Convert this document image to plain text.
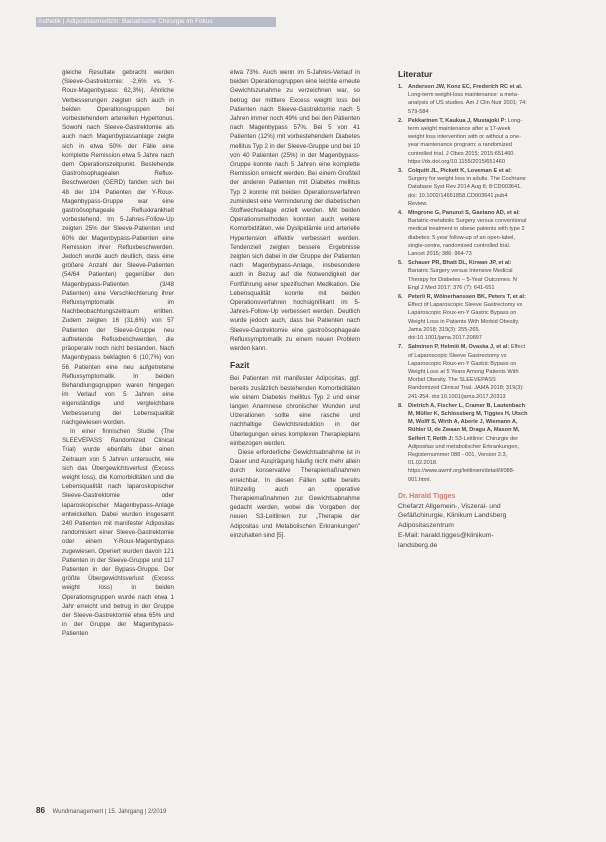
Ästhetik | Adipositasmedizin: Bariatrische Chirurgie im Fokus

gleiche Resultate gebracht werden (Sleeve-Gastrektomie: -2,6% vs. Y-Roux-Magenbypass: 62,3%). Ähnliche Verbesserungen zeigten sich auch in beiden Operationsgruppen bei vorbestehendem arteriellen Hypertonus. Sowohl nach Sleeve-Gastrektomie als auch nach Magenbypassanlage zeigte sich in etwa 50% der Fälle eine komplette Remission etwa 5 Jahre nach dem Operationszeitpunkt. Bestehende Gastroösophagealen Reflux-Beschwerden (GERD) fanden sich bei 48 der 104 Patienten der Y-Roux-Magenbypass-Gruppe war eine gastroösophageale Refluxkrankheit vorbestehend. Im 5-Jahres-Follow-Up zeigten 25% der Sleeve-Patienten und 60% der Magenbypass-Patienten eine Remission ihrer Refluxbeschwerden. Jedoch wurde auch deutlich, dass eine größere Anzahl der Sleeve-Patienten (54/64 Patienten) gegenüber den Magenbypass-Patienten (3/48 Patienten) eine Verschlechterung ihrer Refluxsymptomatik im Nachbeobachtungszeitraum erlitten. Zudem zeigten 16 (31,6%) von 57 Patienten der Sleeve-Gruppe neu auftretende Refluxbeschwerden, die präoperativ noch nicht bestanden. Nach Magenbypass beklagten 6 (10,7%) von 56 Patienten eine neu aufgetretene Refluxsymptomatik. In beiden Behandlungsgruppen waren hingegen im Verlauf von 5 Jahren eine eigenständige und vergleichbare Verbesserung der Lebensqualität nachgewiesen worden.

In einer finnischen Studie (The SLEEVEPASS Randomized Clinical Trial) wurde ebenfalls über einen Zeitraum von 5 Jahren untersucht, wie sich das Übergewichtsverlust (Excess weight loss), die Komorbiditäten und die Lebensqualität nach laparoskopischer Sleeve-Gastrektomie oder laparoskopischer Magenbypass-Anlage entwickelten. Dabei wurden insgesamt 240 Patienten mit manifester Adipositas randomisiert einer Sleeve-Gastrektomie oder einem Y-Roux-Magenbypass zugewiesen. Operiert wurden davon 121 Patienten in der Sleeve-Gruppe und 117 Patienten in der Bypass-Gruppe. Der größte Übergewichtsverlust (Excess weight loss) in beiden Operationsgruppen wurde nach etwa 1 Jahr erreicht und betrug in der Gruppe der Sleeve-Gastrektomie etwa 65% und in der Gruppe der Magenbypass-Patienten

etwa 73%. Auch wenn im 5-Jahres-Verlauf in beiden Operationsgruppen eine leichte erneute Gewichtszunahme zu verzeichnen war, so betrug der mittlere Excess weight loss bei Patienten nach Sleeve-Gastrektomie nach 5 Jahren immer noch 49% und bei den Patienten nach Magenbypass 57%. Bei 5 von 41 Patienten (12%) mit vorbestehendem Diabetes mellitus Typ 2 in der Sleeve-Gruppe und bei 10 von 40 Patienten (25%) in der Magenbypass-Gruppe konnte nach 5 Jahren eine komplette Remission erreicht werden. Bei einem Großteil der anderen Patienten mit Diabetes mellitus Typ 2 konnte mit beiden Operationsverfahren zumindest eine Verminderung der diabetischen Stoffwechsellage erzielt werden. Mit beiden Operationsmethoden konnten auch weitere Komorbiditäten, wie Dyslipidämie und arterielle Hypertension effektiv verbessert werden. Tendenziell zeigten bessere Ergebnisse zeigten sich dabei in der Gruppe der Patienten nach Magenbypass-Anlage, insbesondere auch in Bezug auf die Notwendigkeit der Fortführung einer spezifischen Medikation. Die Lebensqualität konnte mit beiden Operationsverfahren hochsignifikant im 5-Jahres-Follow-Up verbessert werden. Deutlich wurde jedoch auch, dass bei Patienten nach Sleeve-Gastrektomie eine gastroösophageale Refluxsymptomatik zu einem neuen Problem werden kann.

Fazit

Bei Patienten mit manifester Adipositas, ggf. bereits zusätzlich bestehenden Komorbiditäten wie einem Diabetes mellitus Typ 2 und einer langen Anamnese chronischer Wunden und Ulzerationen sollte eine rasche und nachhaltige Gewichtsreduktion in der Überlegungen eines komplexen Therapieplans einbezogen werden.

Diese erforderliche Gewichtsabnahme ist in Dauer und Ausprägung häufig nicht mehr allein durch konservative Therapiemaßnahmen erreichbar. In diesen Fällen sollte bereits frühzeitig auch an operative Therapiemaßnahmen zur Gewichtsabnahme gedacht werden, wobei die Vorgaben der neuen S3-Leitlinien zur „Therapie der Adipositas und Metabolischen Erkrankungen" einzuhalten sind [5].

Literatur
1. Anderson JW, Konz EC, Frederich RC et al. Long-term weight-loss maintenance: a meta-analysis of US studies. Am J Clin Nutr 2001; 74: 579-584
2. Pekkarinen T, Kaukua J, Mustajoki P: Long-term weight maintenance after a 17-week weight loss intervention with or without a one-year maintenance program: a randomized controlled trial. J Obes 2015; 2015:651460. https://dx.doi.org/10.1155/2015/651460
3. Colquitt JL, Pickett K, Loveman E et al: Surgery for weight loss in adults. The Cochrane Database Syst Rev 2014 Aug 8; 8:CD003641. doi: 10.1002/14651858.CD003641.pub4 Review.
4. Mingrone G, Panunzi S, Gaetano AD, et al: Bariatric-metabolic Surgery versus conventional medical treatment in obese patients with type 2 diabetes: 5 year follow-up of an open-label, single-centre, randomised controlled trial. Lancet 2015; 386: 964-73
5. Schauer PR, Bhatt DL, Kirwan JP, et al: Bariatric Surgery versus Intensive Medical Therapy for Diabetes – 5-Year Outcomes. N Engl J Med 2017; 376 (7): 641-651
6. Peterli R, Wölnerhanssen BK, Peters T, et al: Effect of Laparoscopic Sleeve Gastrectomy vs Laparoscopic Roux-en-Y Gastric Bypass on Weight Loss in Patients With Morbid Obesity. Jama 2018; 319(3): 255-265. doi:10.1001/jama.2017.20897
7. Salminen P, Helmiö M, Ovaska J, et al: Effect of Laparoscopic Sleeve Gastrectomy vs Laparoscopic Roux-en-Y Gastric Bypass on Weight Loss at 5 Years Among Patients With Morbid Obesity. The SLEEVEPASS Randomized Clinical Trial. JAMA 2018; 319(3): 241-254. doi:10.1001/jama.2017.20313
8. Dietrich A, Fischer L, Cramer B, Lautenbach M, Müller K, Schlossberg M, Tiggies H, Utsch M, Wolff S, Wirth A, Aberle J, Wiemann A, Rühler U, de Zwaan M, Dragu A, Mason M, Seifert T, Reith J: S3-Leitlinie: Chirurgie der Adipositas und metabolischer Erkrankungen, Registernummer 088 - 001, Version 2.3, 01.02.2018. https://www.awmf.org/leitlinien/detail/ll/088-001.html.
Dr. Harald Tigges
Chefarzt Allgemein-, Viszeral- und
Gefäßchirurgie, Klinikum Landsberg
Adipositaszentrum
E-Mail: harald.tigges@klinikum-
landsberg.de
86 Wundmanagement | 15. Jahrgang | 2/2019
